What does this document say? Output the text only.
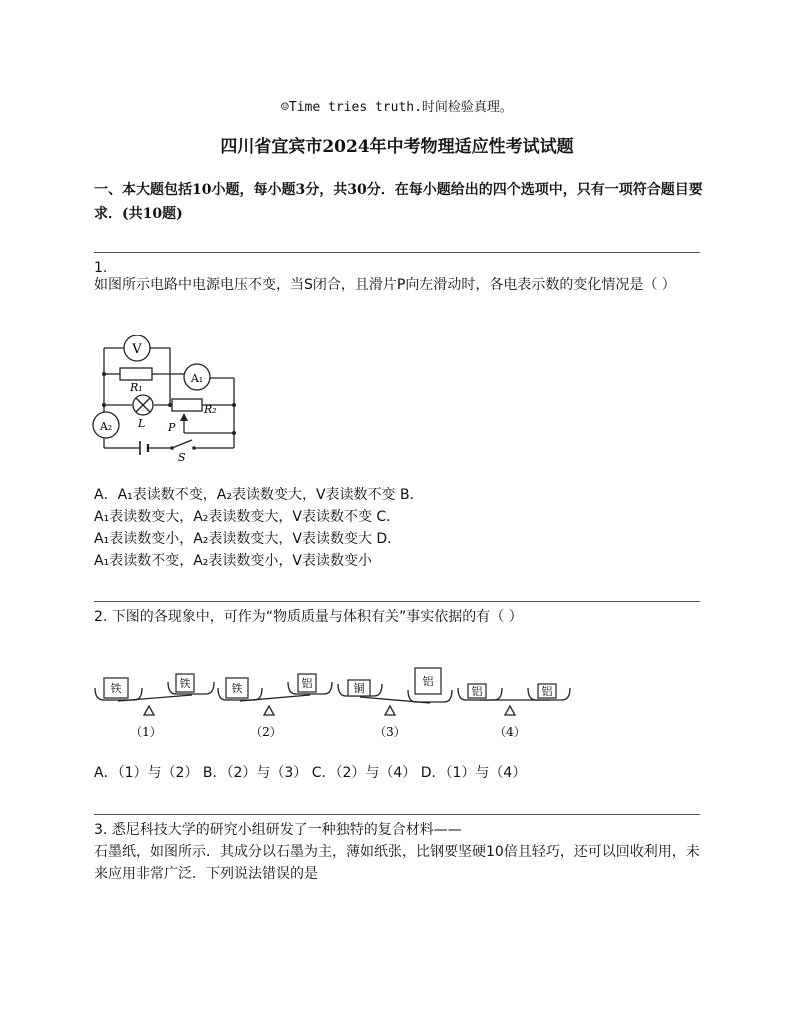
☺Time tries truth.时间检验真理。
四川省宜宾市2024年中考物理适应性考试试题
一、本大题包括10小题，每小题3分，共30分．在每小题给出的四个选项中，只有一项符合题目要求．(共10题)
1.
如图所示电路中电源电压不变，当S闭合，且滑片P向左滑动时，各电表示数的变化情况是（ ）
V
A₁
A₂
R₁
R₂
L P
S
A．A₁表读数不变，A₂表读数变大，V表读数不变 B．
A₁表读数变大，A₂表读数变大，V表读数不变 C．
A₁表读数变小，A₂表读数变大，V表读数变大 D．
A₁表读数不变，A₂表读数变小，V表读数变小
2. 下图的各现象中，可作为“物质质量与体积有关”事实依据的有（ ）
铁	铁	铁	铝	铜
铝
铝	铝
（1）	（2）	（3）	（4）
A．（1）与（2） B．（2）与（3） C．（2）与（4） D．（1）与（4）
3. 悉尼科技大学的研究小组研发了一种独特的复合材料——
石墨纸，如图所示．其成分以石墨为主，薄如纸张，比钢要坚硬10倍且轻巧，还可以回收利用，未来应用非常广泛．下列说法错误的是
